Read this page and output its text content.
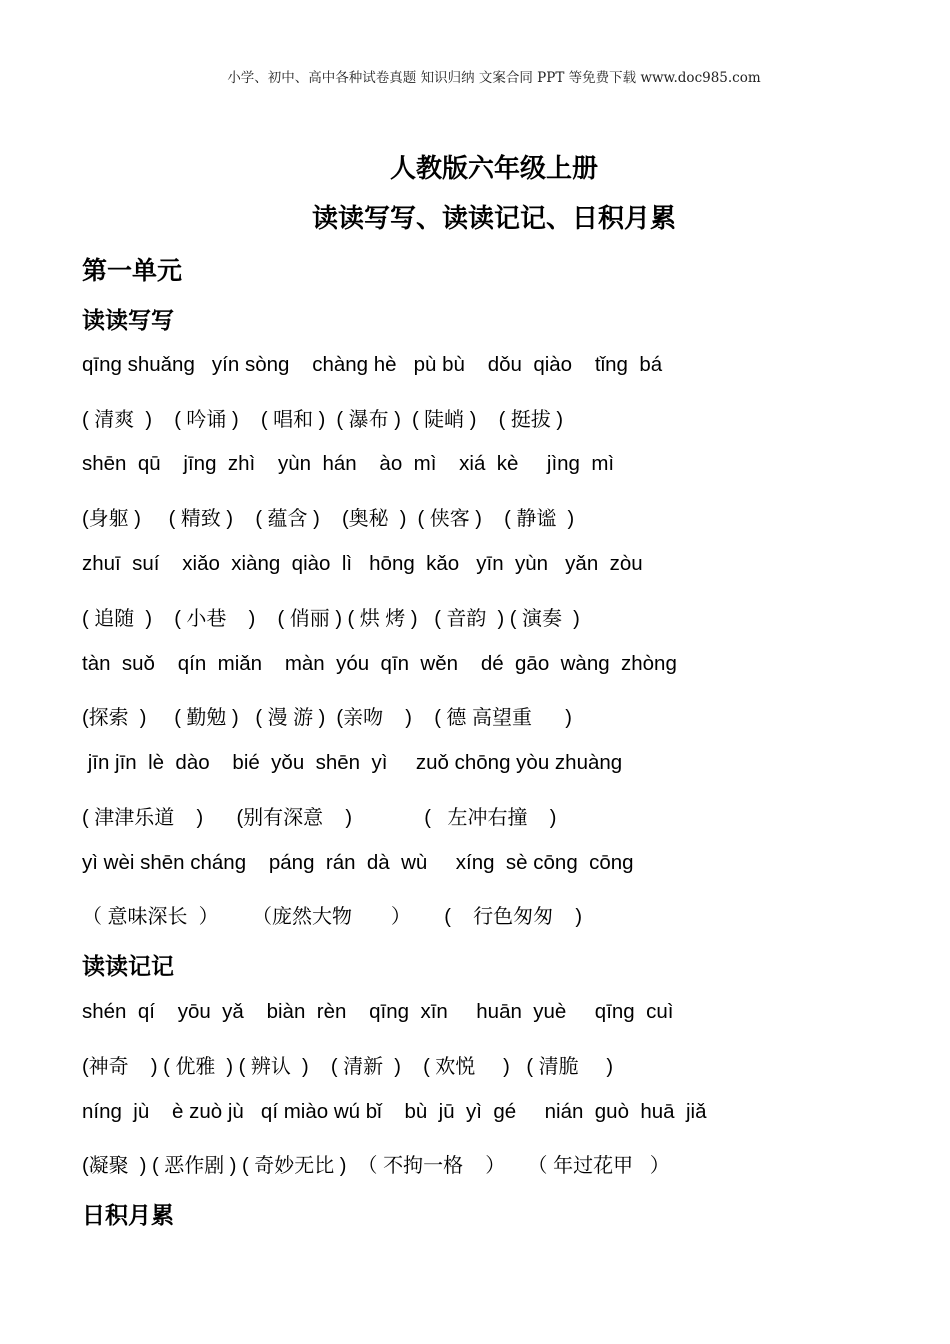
小学、初中、高中各种试卷真题 知识归纳 文案合同 PPT 等免费下载 www.doc985.com
人教版六年级上册
读读写写、读读记记、日积月累
第一单元
读读写写
qīng shuǎng   yín sòng    chàng hè   pù bù    dǒu  qiào    tǐng  bá
( 清爽  )    ( 吟诵 )    ( 唱和 )  ( 瀑布 )  ( 陡峭 )    ( 挺拔 )
shēn  qū    jīng  zhì    yùn  hán    ào  mì    xiá  kè     jìng  mì
(身躯 )     ( 精致 )    ( 蕴含 )    (奥秘  )  ( 侠客 )    ( 静谧  )
zhuī  suí    xiǎo  xiàng  qiào  lì   hōng  kǎo   yīn  yùn   yǎn  zòu
( 追随  )    ( 小巷    )    ( 俏丽 ) ( 烘 烤 )   ( 音韵  ) ( 演奏  )
tàn  suǒ    qín  miǎn    màn  yóu  qīn  wěn    dé  gāo  wàng  zhòng
(探索  )     ( 勤勉 )   ( 漫 游 )  (亲吻    )    ( 德 高望重      )
jīn jīn  lè  dào    bié  yǒu  shēn  yì     zuǒ chōng yòu zhuàng
( 津津乐道    )      (别有深意    )             (   左冲右撞    )
yì wèi shēn cháng    páng  rán  dà  wù     xíng  sè cōng  cōng
（ 意味深长  ）      （庞然大物       ）      (    行色匆匆    )
读读记记
shén  qí    yōu  yǎ    biàn  rèn    qīng  xīn     huān  yuè     qīng  cuì
(神奇    ) ( 优雅  ) ( 辨认  )    ( 清新  )    ( 欢悦     )   ( 清脆     )
níng  jù    è zuò jù   qí miào wú bǐ    bù  jū  yì  gé     nián  guò  huā  jiǎ
(凝聚  ) ( 恶作剧 ) ( 奇妙无比 )  （ 不拘一格    ）    （ 年过花甲   ）
日积月累
